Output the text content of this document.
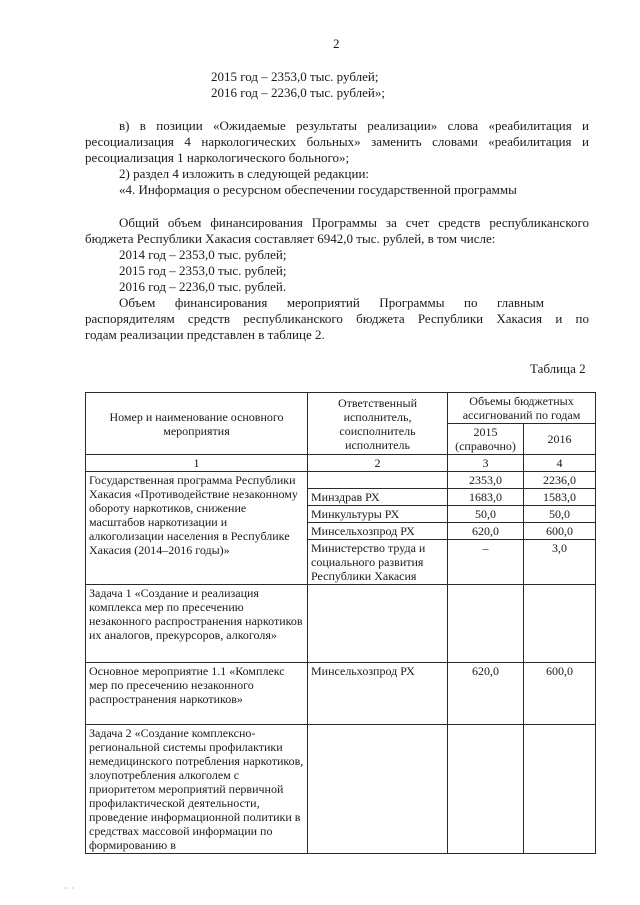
2
2015 год – 2353,0 тыс. рублей;
2016 год – 2236,0 тыс. рублей»;
в) в позиции «Ожидаемые результаты реализации» слова «реабилитация и
ресоциализация 4 наркологических больных» заменить словами «реабилитация и
ресоциализация 1 наркологического больного»;
2) раздел 4 изложить в следующей редакции:
«4. Информация о ресурсном обеспечении государственной программы
Общий объем финансирования Программы за счет средств республиканского
бюджета Республики Хакасия составляет 6942,0 тыс. рублей, в том числе:
2014 год – 2353,0 тыс. рублей;
2015 год – 2353,0 тыс. рублей;
2016 год – 2236,0 тыс. рублей.
Объем      финансирования      мероприятий      Программы      по      главным
распорядителям средств республиканского бюджета Республики Хакасия и по
годам реализации представлен в таблице 2.
Таблица 2
Номер и наименование основного мероприятия	Ответственный исполнитель, соисполнитель исполнитель	Объемы бюджетных ассигнований по годам	
		2015 (справочно)	2016
1	2	3	4
Государственная программа Республики Хакасия «Противодействие незаконному обороту наркотиков, снижение масштабов наркотизации и алкоголизации населения в Республике Хакасия (2014–2016 годы)»		2353,0	2236,0
	Минздрав РХ	1683,0	1583,0
	Минкультуры РХ	50,0	50,0
	Минсельхозпрод РХ	620,0	600,0
	Министерство труда и социального развития Республики Хакасия	–	3,0
Задача 1 «Создание и реализация комплекса мер по пресечению незаконного распространения наркотиков их аналогов, прекурсоров, алкоголя»			
Основное мероприятие 1.1 «Комплекс мер по пресечению незаконного распространения наркотиков»	Минсельхозпрод РХ	620,0	600,0
Задача 2 «Создание комплексно-региональной системы профилактики немедицинского потребления наркотиков, злоупотребления алкоголем с приоритетом мероприятий первичной профилактической деятельности, проведение информационной политики в средствах массовой информации по формированию в			
·· ·
